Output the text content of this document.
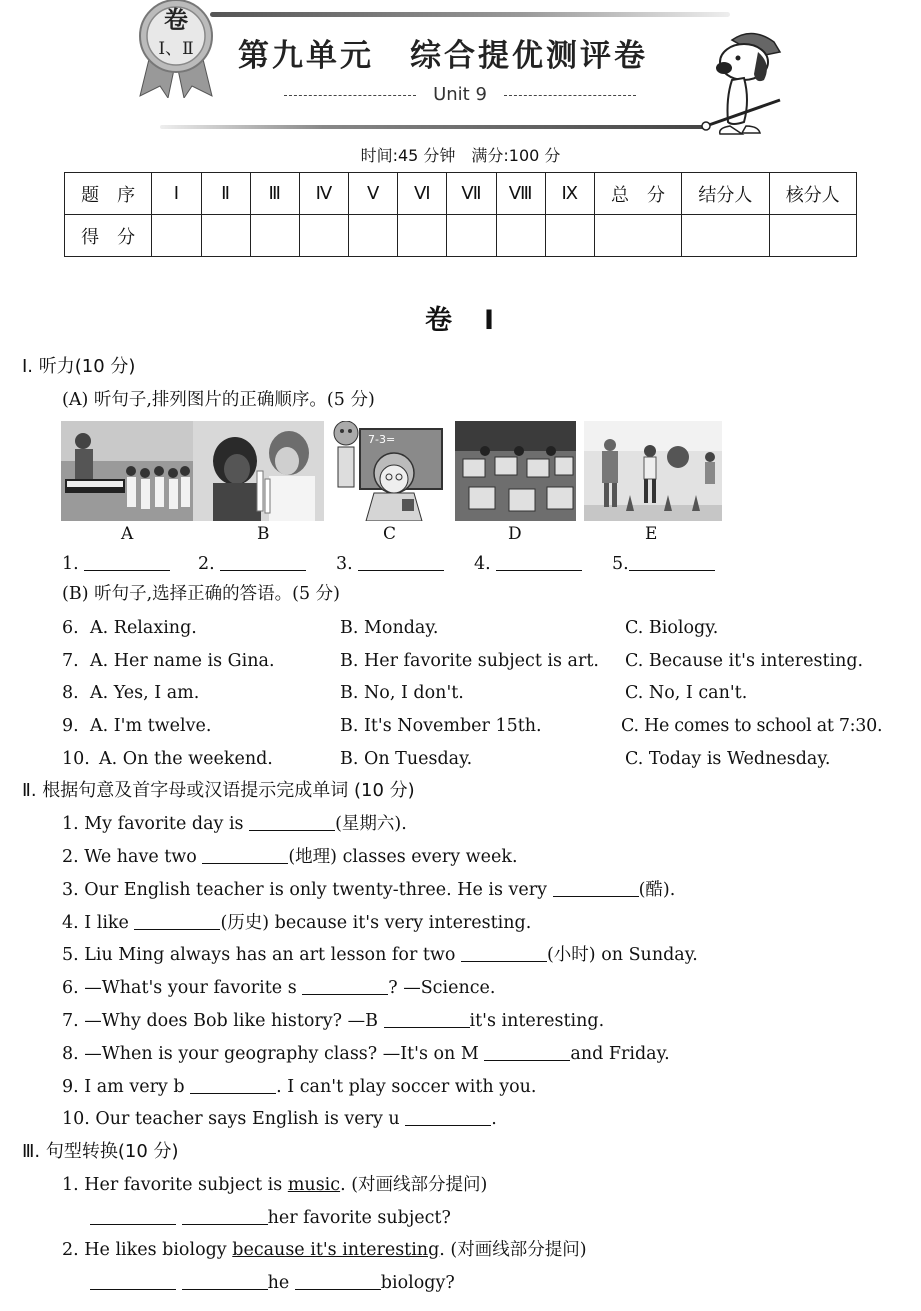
卷
Ⅰ、Ⅱ 第九单元 综合提优测评卷
Unit 9
时间:45 分钟　满分:100 分
题　序	Ⅰ	Ⅱ	Ⅲ	Ⅳ	Ⅴ	Ⅵ	Ⅶ	Ⅷ	Ⅸ	总　分	结分人	核分人
得　分												
卷 Ⅰ
Ⅰ. 听力(10 分)
(A) 听句子,排列图片的正确顺序。(5 分)
7-3=
A	B	C	D	E
1.	2.	3.	4.	5.
(B) 听句子,选择正确的答语。(5 分)
6. A. Relaxing.	B. Monday.	C. Biology.
7. A. Her name is Gina.	B. Her favorite subject is art. C. Because it's interesting.
8. A. Yes, I am.	B. No, I don't.	C. No, I can't.
9. A. I'm twelve.	B. It's November 15th.	C. He comes to school at 7:30.
10. A. On the weekend.	B. On Tuesday.	C. Today is Wednesday.
Ⅱ. 根据句意及首字母或汉语提示完成单词 (10 分)
1. My favorite day is	(星期六).
2. We have two	(地理) classes every week.
3. Our English teacher is only twenty-three. He is very	(酷).
4. I like	(历史) because it's very interesting.
5. Liu Ming always has an art lesson for two	(小时) on Sunday.
6. —What's your favorite s	? —Science.
7. —Why does Bob like history? —B	it's interesting.
8. —When is your geography class? —It's on M	and Friday.
9. I am very b	. I can't play soccer with you.
10. Our teacher says English is very u	.
Ⅲ. 句型转换(10 分)
1. Her favorite subject is music. (对画线部分提问)
her favorite subject?
2. He likes biology because it's interesting. (对画线部分提问)
he	biology?
